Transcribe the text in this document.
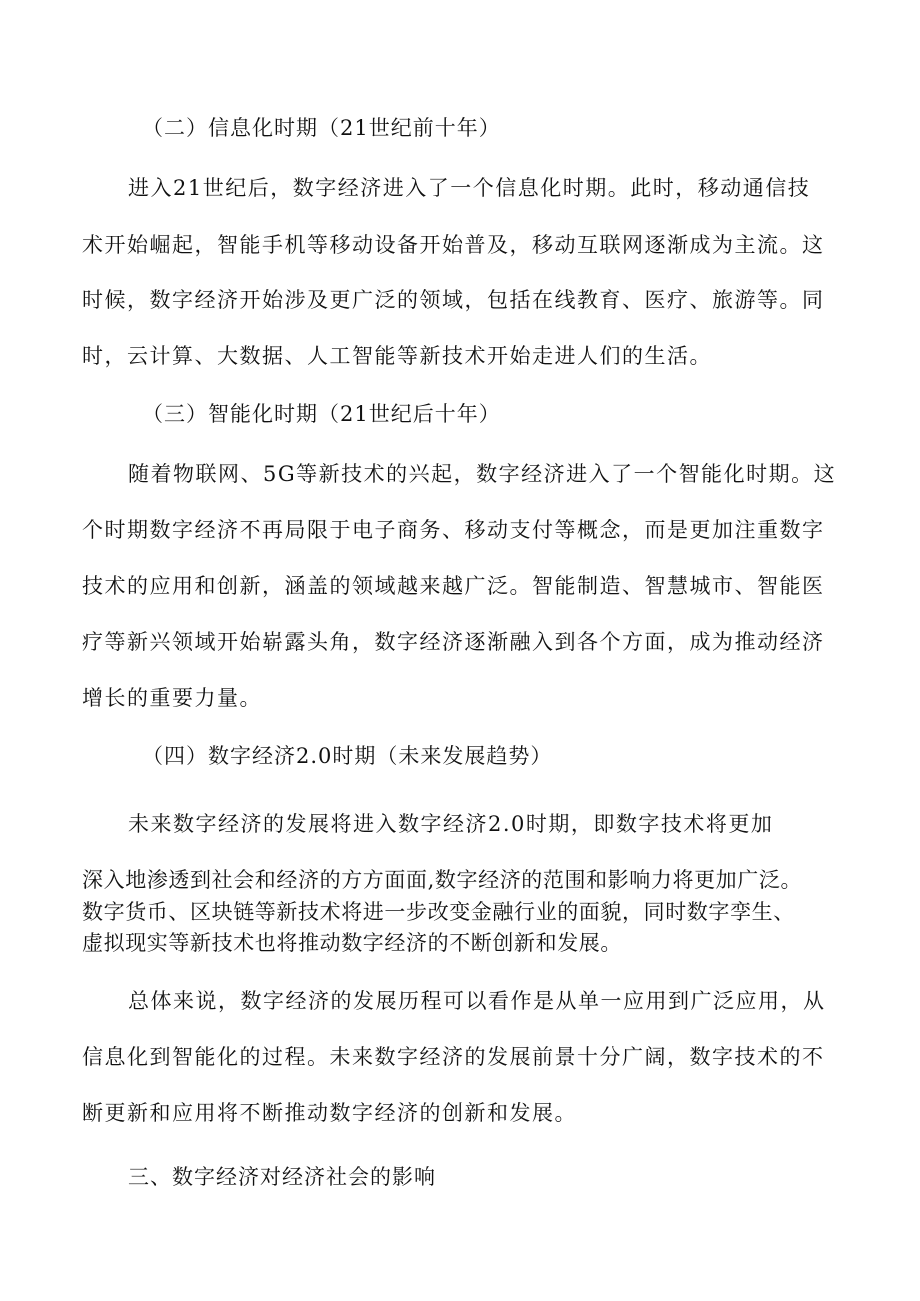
（二）信息化时期（21世纪前十年）
进入21世纪后，数字经济进入了一个信息化时期。此时，移动通信技
术开始崛起，智能手机等移动设备开始普及，移动互联网逐渐成为主流。这
时候，数字经济开始涉及更广泛的领域，包括在线教育、医疗、旅游等。同
时，云计算、大数据、人工智能等新技术开始走进人们的生活。
（三）智能化时期（21世纪后十年）
随着物联网、5G等新技术的兴起，数字经济进入了一个智能化时期。这
个时期数字经济不再局限于电子商务、移动支付等概念，而是更加注重数字
技术的应用和创新，涵盖的领域越来越广泛。智能制造、智慧城市、智能医
疗等新兴领域开始崭露头角，数字经济逐渐融入到各个方面，成为推动经济
增长的重要力量。
（四）数字经济2.0时期（未来发展趋势）
未来数字经济的发展将进入数字经济2.0时期，即数字技术将更加
深入地渗透到社会和经济的方方面面,数字经济的范围和影响力将更加广泛。
数字货币、区块链等新技术将进一步改变金融行业的面貌，同时数字孪生、
虚拟现实等新技术也将推动数字经济的不断创新和发展。
总体来说，数字经济的发展历程可以看作是从单一应用到广泛应用，从
信息化到智能化的过程。未来数字经济的发展前景十分广阔，数字技术的不
断更新和应用将不断推动数字经济的创新和发展。
三、数字经济对经济社会的影响
